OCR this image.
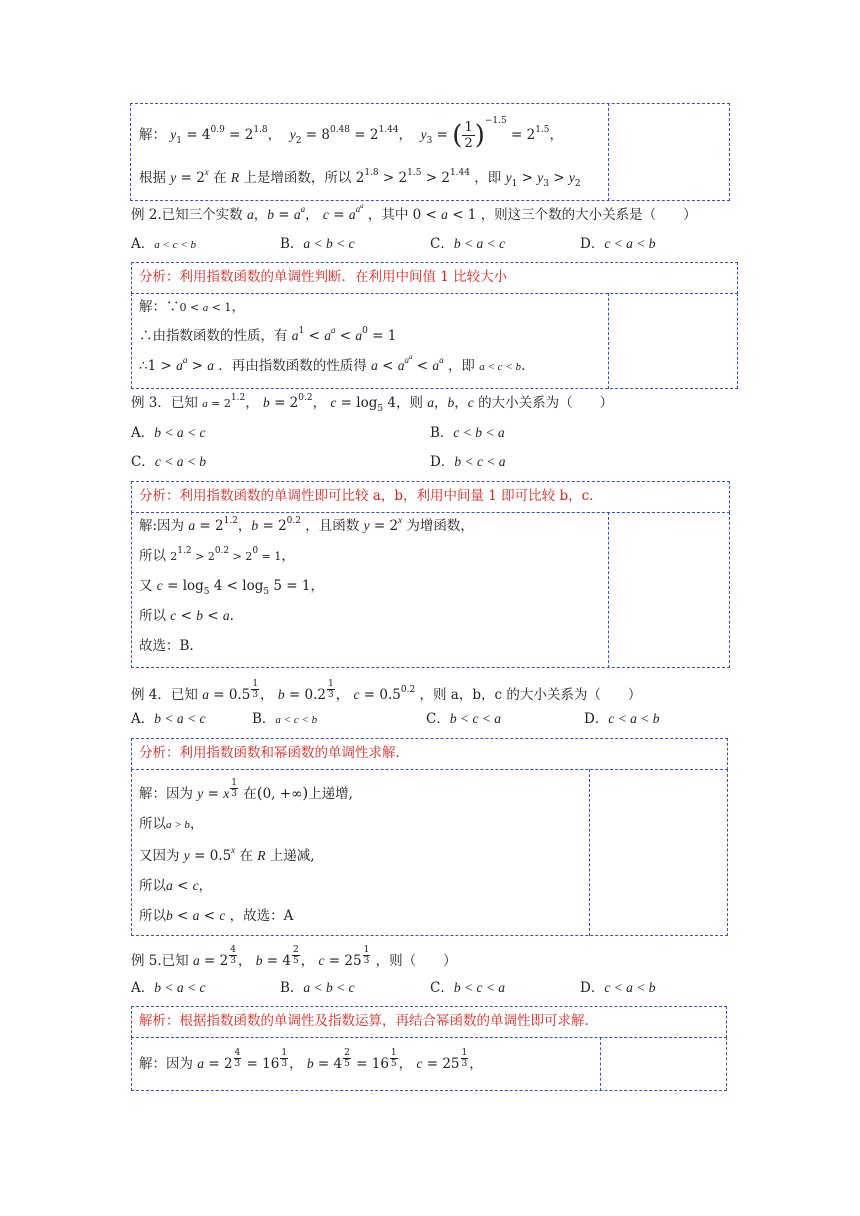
解： $y_1 = 4^{0.9} = 2^{1.8}$，  $y_2 = 8^{0.48} = 2^{1.44}$，  $y_3$ = ( $\frac{1}{2})^{-1.5} = 2^{1.5}$，
根据 $y = 2^x$ 在 R 上是增函数，所以 $2^{1.8} > 2^{1.5} > 2^{1.44}$ ，即 $y_1 > y_3 > y_2$
例 2.已知三个实数 a，$b = a^a$， $c = a^{a^a}$ ，其中 0 < a < 1 ，则这三个数的大小关系是（　　）
A．a < c < b	B．a < b < c	C．b < a < c	D．c < a < b
分析：利用指数函数的单调性判断．在利用中间值 1 比较大小
解：∵0 < a < 1，
∴由指数函数的性质，有 $a^1 < a^a < a^0 = 1$
∴1 > $a^a > a$ ．再由指数函数的性质得 $a < a^{a^a} < a^a$ ，即 a < c < b.
例 3．已知 $a = 2^{1.2}$， $b = 2^{0.2}$， $c = \log_5 4$，则 a，b，c 的大小关系为（　　）
A．b < a < c	B．c < b < a
C．c < a < b	D．b < c < a
分析：利用指数函数的单调性即可比较 a，b，利用中间量 1 即可比较 b，c.
解:因为 $a = 2^{1.2}$，$b = 2^{0.2}$ ，且函数 $y = 2^x$ 为增函数，
所以 $2^{1.2} > 2^{0.2} > 2^0 = 1$，
又 $c = \log_5 4 < \log_5 5 = 1$，
所以 c < b < a.
故选：B.
例 4．已知 a = 0.5 $^{\frac{1}{3}}$ ， b = 0.2 $^{\frac{1}{3}}$ ， $c = 0.5^{0.2}$ ，则 a，b，c 的大小关系为（　　）
A．b < a < c	B．a < c < b	C．b < c < a	D．c < a < b
分析：利用指数函数和幂函数的单调性求解.
解：因为 y = x $^{\frac{1}{3}}$ 在(0, +∞)上递增,
所以a > b，
又因为 $y = 0.5^x$ 在 R 上递减,
所以a < c，
所以b < a < c ，故选：A
例 5.已知 a = 2 $^{\frac{4}{3}}$ ， b = 4 $^{\frac{2}{5}}$ ， c = 25 $^{\frac{1}{3}}$ ，则（　　）
A．b < a < c	B．a < b < c	C．b < c < a	D．c < a < b
解析：根据指数函数的单调性及指数运算，再结合幂函数的单调性即可求解.
解：因为 a = 2 $^{\frac{4}{3}}$ = 16 $^{\frac{1}{3}}$ ， b = 4 $^{\frac{2}{5}}$ = 16 $^{\frac{1}{5}}$ ， c = 25 $^{\frac{1}{3}}$ ，
